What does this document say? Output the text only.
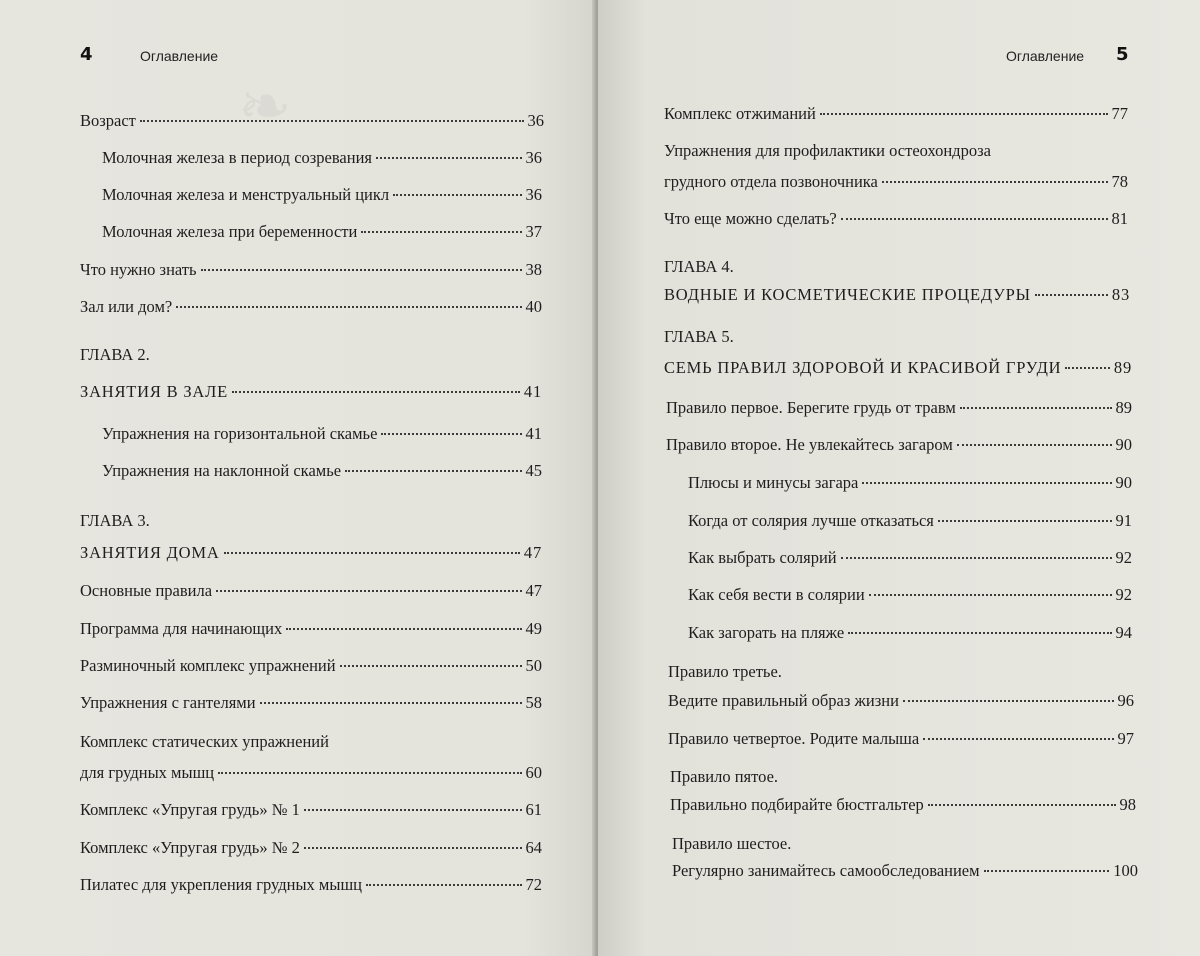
❧
4	Оглавление
Возраст	36
Молочная железа в период созревания	36
Молочная железа и менструальный цикл	36
Молочная железа при беременности	37
Что нужно знать	38
Зал или дом?	40
ГЛАВА 2.
ЗАНЯТИЯ В ЗАЛЕ	41
Упражнения на горизонтальной скамье	41
Упражнения на наклонной скамье	45
ГЛАВА 3.
ЗАНЯТИЯ ДОМА	47
Основные правила	47
Программа для начинающих	49
Разминочный комплекс упражнений	50
Упражнения с гантелями	58
Комплекс статических упражнений
для грудных мышц	60
Комплекс «Упругая грудь» № 1	61
Комплекс «Упругая грудь» № 2	64
Пилатес для укрепления грудных мышц	72
Оглавление 5
Комплекс отжиманий	77
Упражнения для профилактики остеохондроза
грудного отдела позвоночника	78
Что еще можно сделать?	81
ГЛАВА 4.
ВОДНЫЕ И КОСМЕТИЧЕСКИЕ ПРОЦЕДУРЫ	83
ГЛАВА 5.
СЕМЬ ПРАВИЛ ЗДОРОВОЙ И КРАСИВОЙ ГРУДИ	89
Правило первое. Берегите грудь от травм	89
Правило второе. Не увлекайтесь загаром	90
Плюсы и минусы загара	90
Когда от солярия лучше отказаться	91
Как выбрать солярий	92
Как себя вести в солярии	92
Как загорать на пляже	94
Правило третье.
Ведите правильный образ жизни	96
Правило четвертое. Родите малыша	97
Правило пятое.
Правильно подбирайте бюстгальтер	98
Правило шестое.
Регулярно занимайтесь самообследованием	100
